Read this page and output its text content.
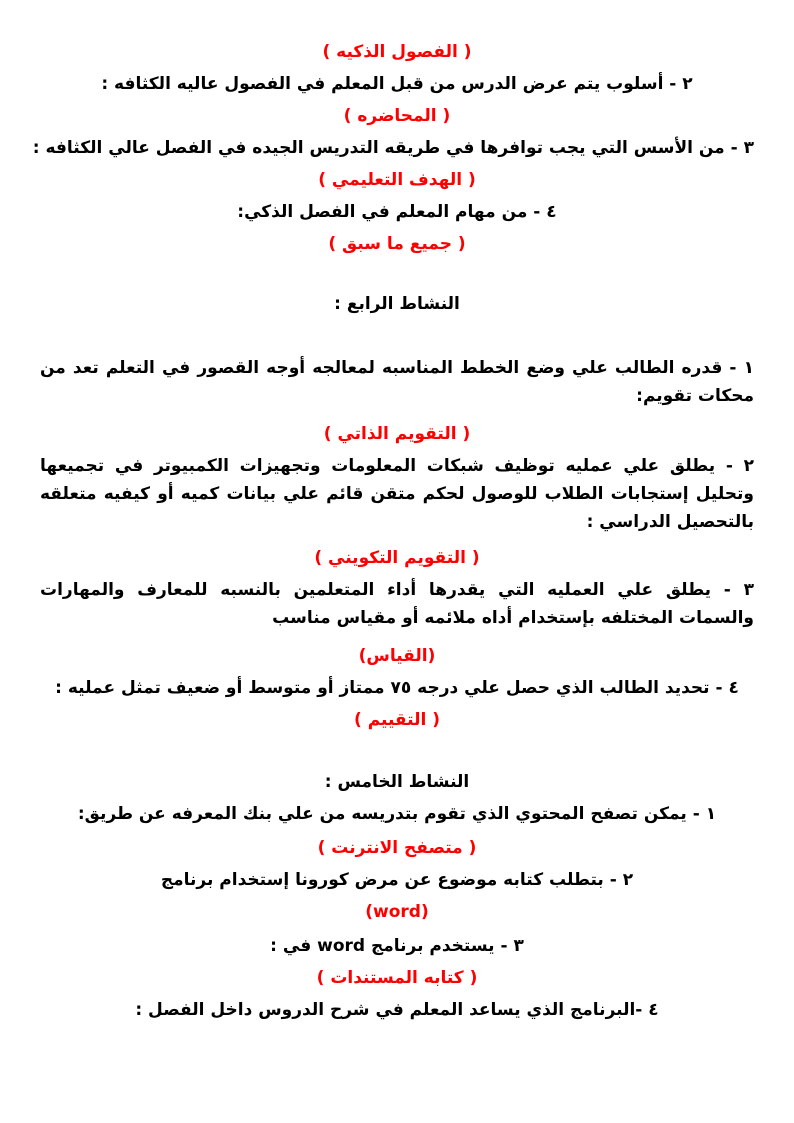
( الفصول الذكيه )
٢ - أسلوب يتم عرض الدرس من قبل المعلم في الفصول عاليه الكثافه :
( المحاضره )
٣ - من الأسس التي يجب توافرها في طريقه التدريس الجيده في الفصل عالي الكثافه :
( الهدف التعليمي )
٤ - من مهام المعلم في الفصل الذكي:
( جميع ما سبق )
النشاط الرابع :
١ - قدره الطالب علي وضع الخطط المناسبه لمعالجه أوجه القصور في التعلم تعد من محكات تقويم:
( التقويم الذاتي )
٢ - يطلق علي عمليه توظيف شبكات المعلومات وتجهيزات الكمبيوتر في تجميعها وتحليل إستجابات الطلاب للوصول لحكم متقن قائم علي بيانات كميه أو كيفيه متعلقه بالتحصيل الدراسي :
( التقويم التكويني )
٣ - يطلق علي العمليه التي يقدرها أداء المتعلمين بالنسبه للمعارف والمهارات والسمات المختلفه بإستخدام أداه ملائمه أو مقياس مناسب
(القياس)
٤ - تحديد الطالب الذي حصل علي درجه ٧٥ ممتاز أو متوسط أو ضعيف تمثل عمليه :
( التقييم )
النشاط الخامس :
١ - يمكن تصفح المحتوي الذي تقوم بتدريسه من علي بنك المعرفه عن طريق:
( متصفح الانترنت )
٢ - بتطلب كتابه موضوع عن مرض كورونا إستخدام برنامج
(word)
٣ - يستخدم برنامج word في :
( كتابه المستندات )
٤ -البرنامج الذي يساعد المعلم في شرح الدروس داخل الفصل :
